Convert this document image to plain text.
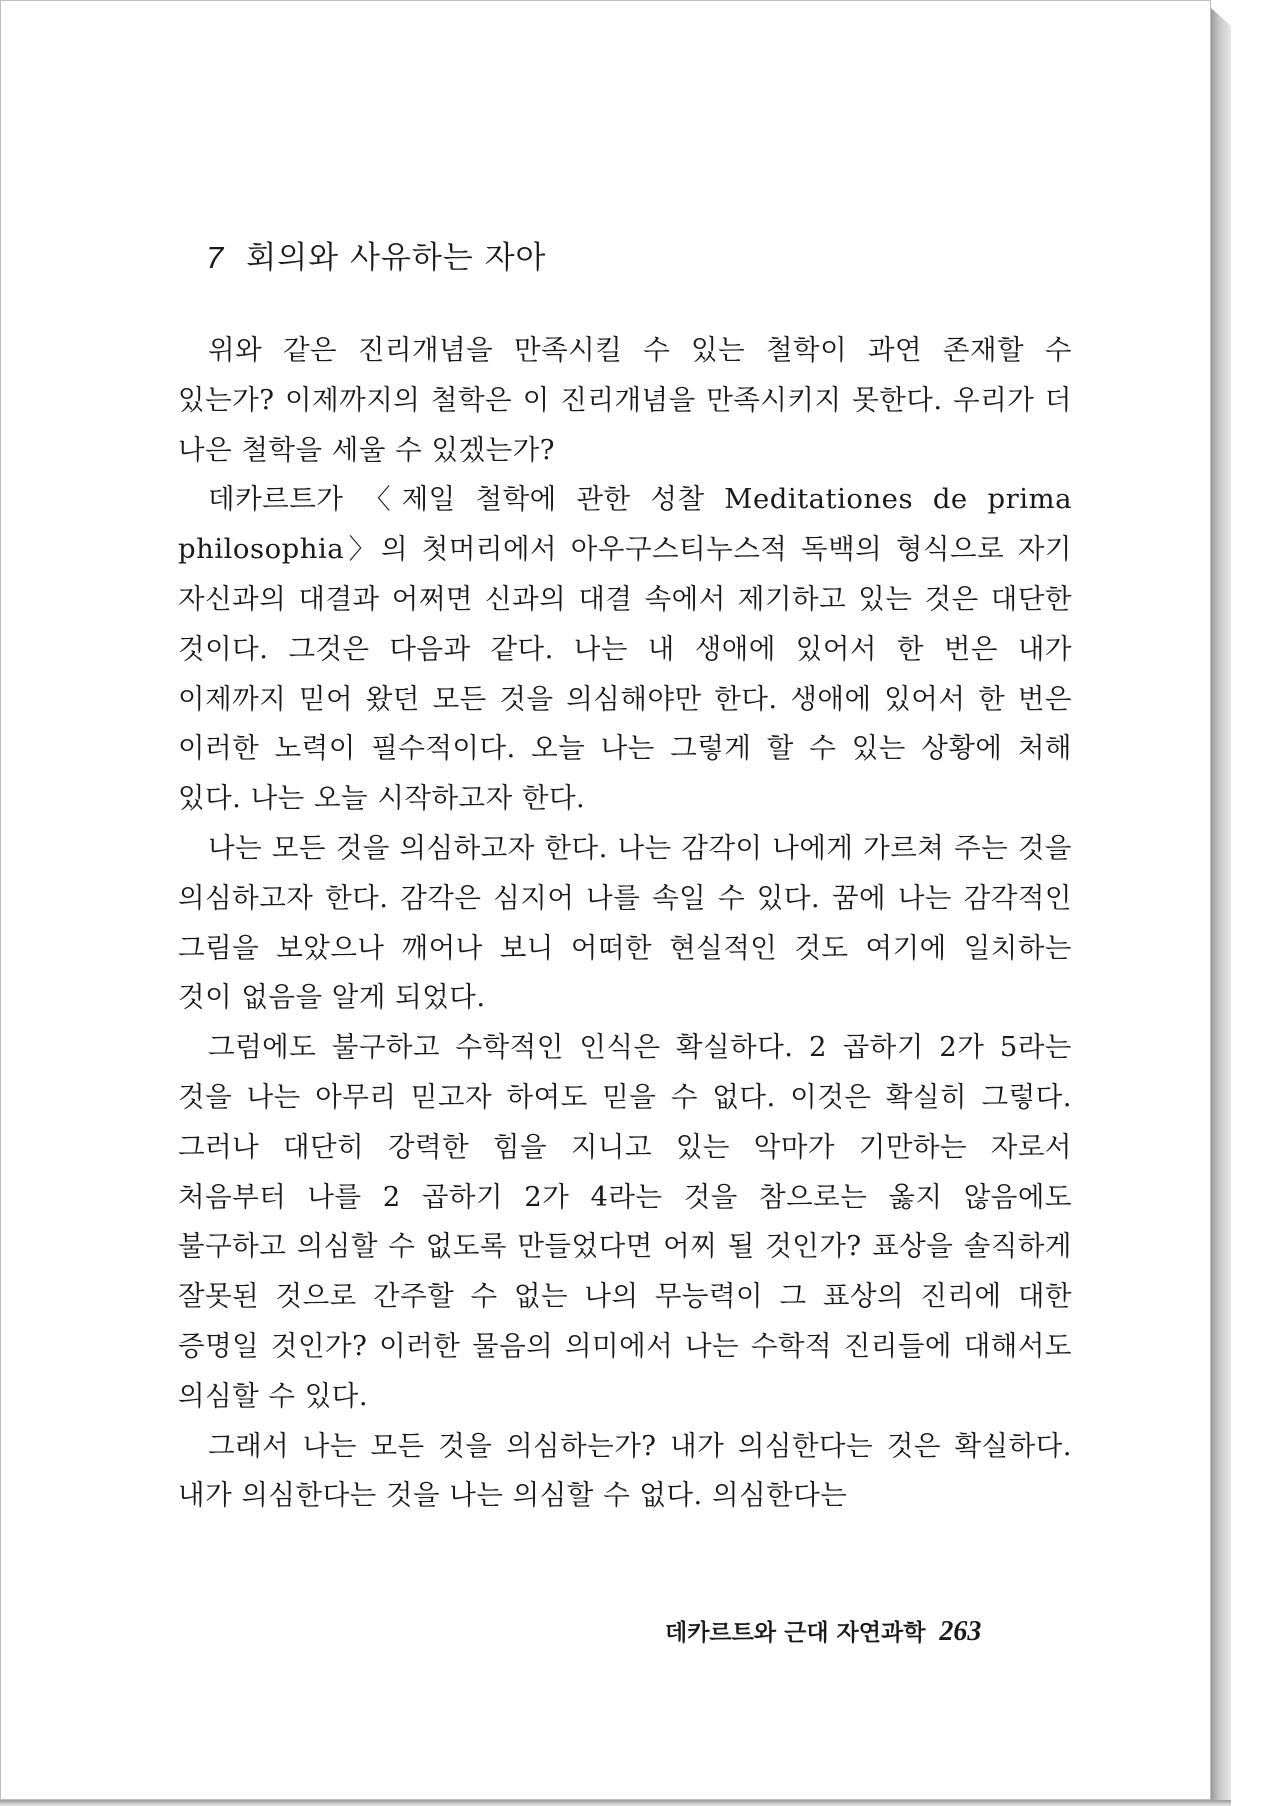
7 회의와 사유하는 자아

위와 같은 진리개념을 만족시킬 수 있는 철학이 과연 존재할 수 있는가? 이제까지의 철학은 이 진리개념을 만족시키지 못한다. 우리가 더 나은 철학을 세울 수 있겠는가?

데카르트가 〈제일 철학에 관한 성찰 Meditationes de prima philosophia〉의 첫머리에서 아우구스티누스적 독백의 형식으로 자기 자신과의 대결과 어쩌면 신과의 대결 속에서 제기하고 있는 것은 대단한 것이다. 그것은 다음과 같다. 나는 내 생애에 있어서 한 번은 내가 이제까지 믿어 왔던 모든 것을 의심해야만 한다. 생애에 있어서 한 번은 이러한 노력이 필수적이다. 오늘 나는 그렇게 할 수 있는 상황에 처해 있다. 나는 오늘 시작하고자 한다.

나는 모든 것을 의심하고자 한다. 나는 감각이 나에게 가르쳐 주는 것을 의심하고자 한다. 감각은 심지어 나를 속일 수 있다. 꿈에 나는 감각적인 그림을 보았으나 깨어나 보니 어떠한 현실적인 것도 여기에 일치하는 것이 없음을 알게 되었다.

그럼에도 불구하고 수학적인 인식은 확실하다. 2 곱하기 2가 5라는 것을 나는 아무리 믿고자 하여도 믿을 수 없다. 이것은 확실히 그렇다. 그러나 대단히 강력한 힘을 지니고 있는 악마가 기만하는 자로서 처음부터 나를 2 곱하기 2가 4라는 것을 참으로는 옳지 않음에도 불구하고 의심할 수 없도록 만들었다면 어찌 될 것인가? 표상을 솔직하게 잘못된 것으로 간주할 수 없는 나의 무능력이 그 표상의 진리에 대한 증명일 것인가? 이러한 물음의 의미에서 나는 수학적 진리들에 대해서도 의심할 수 있다.

그래서 나는 모든 것을 의심하는가? 내가 의심한다는 것은 확실하다. 내가 의심한다는 것을 나는 의심할 수 없다. 의심한다는

데카르트와 근대 자연과학 263
